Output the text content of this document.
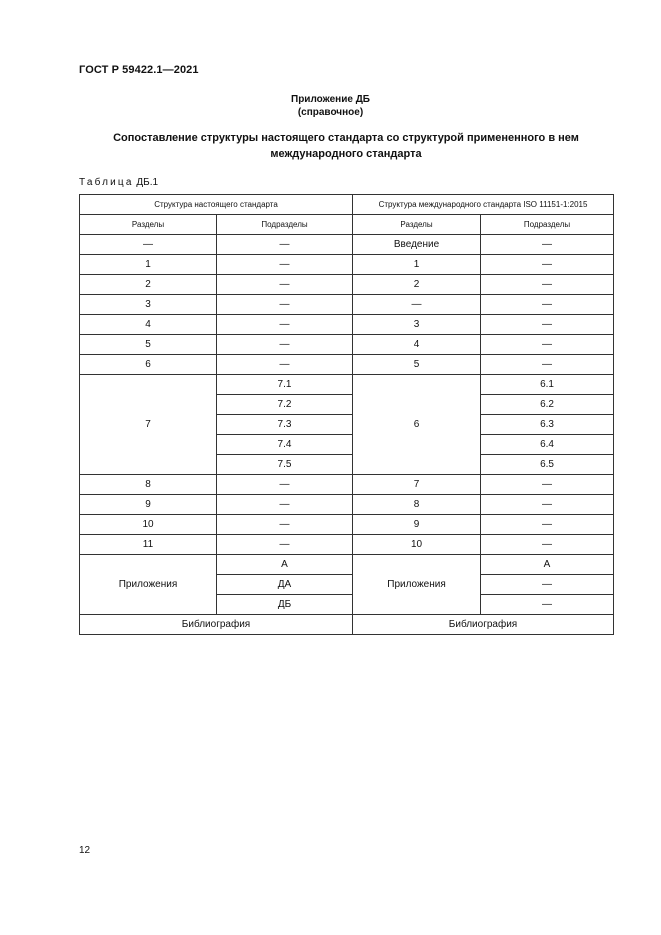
ГОСТ Р 59422.1—2021
Приложение ДБ
(справочное)
Сопоставление структуры настоящего стандарта со структурой примененного в нем
международного стандарта
Таблица ДБ.1
Структура настоящего стандарта		Структура международного стандарта ISO 11151-1:2015	
Разделы	Подразделы	Разделы	Подразделы
—	—	Введение	—
1	—	1	—
2	—	2	—
3	—	—	—
4	—	3	—
5	—	4	—
6	—	5	—
7	7.1	6	6.1
	7.2		6.2
	7.3		6.3
	7.4		6.4
	7.5		6.5
8	—	7	—
9	—	8	—
10	—	9	—
11	—	10	—
Приложения	А	Приложения	А
	ДА		—
	ДБ		—
Библиография		Библиография	
12
